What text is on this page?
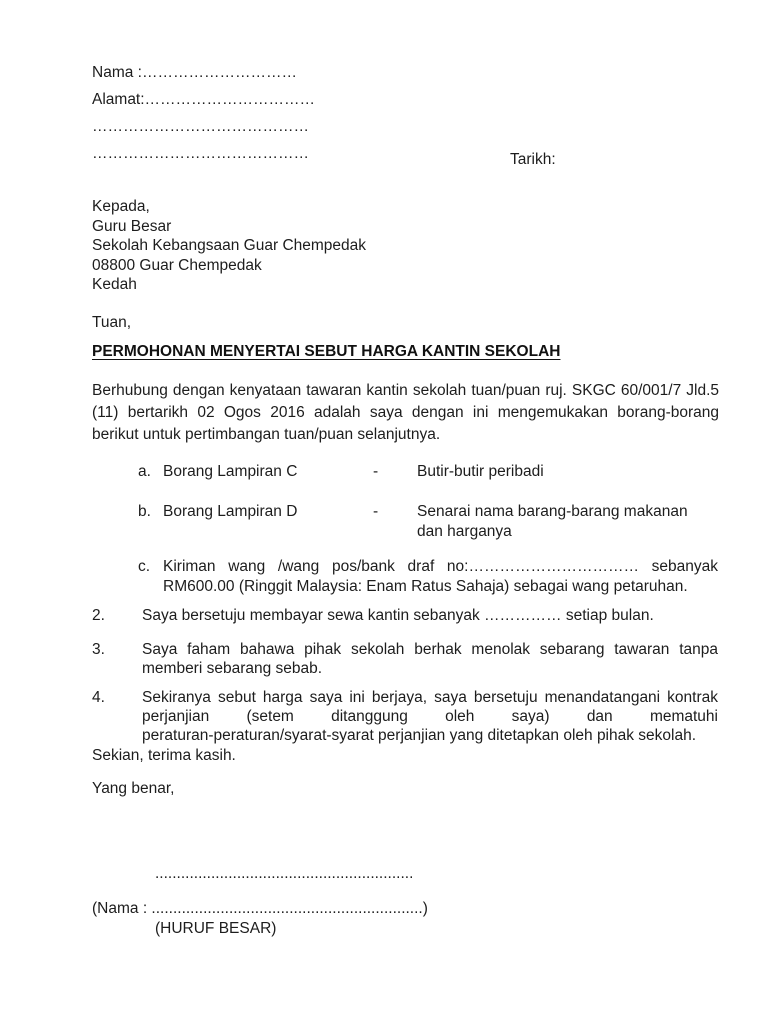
Nama :…………………………
Alamat:……………………………
……………………………………
……………………………………	Tarikh:
Kepada,
Guru Besar
Sekolah Kebangsaan Guar Chempedak
08800 Guar Chempedak
Kedah
Tuan,
PERMOHONAN MENYERTAI SEBUT HARGA KANTIN SEKOLAH
Berhubung dengan kenyataan tawaran kantin sekolah tuan/puan ruj. SKGC 60/001/7 Jld.5
(11) bertarikh 02 Ogos 2016 adalah saya dengan ini mengemukakan borang-borang
berikut untuk pertimbangan tuan/puan selanjutnya.
a. Borang Lampiran C	-	Butir-butir peribadi
b. Borang Lampiran D	-	Senarai nama barang-barang makanan
dan harganya
c. Kiriman wang /wang pos/bank draf no:…………………………… sebanyak
RM600.00 (Ringgit Malaysia: Enam Ratus Sahaja) sebagai wang petaruhan.
2.	Saya bersetuju membayar sewa kantin sebanyak …………… setiap bulan.
3.	Saya faham bahawa pihak sekolah berhak menolak sebarang tawaran tanpa
memberi sebarang sebab.
4.	Sekiranya sebut harga saya ini berjaya, saya bersetuju menandatangani kontrak
perjanjian (setem ditanggung oleh saya) dan mematuhi
peraturan-peraturan/syarat-syarat perjanjian yang ditetapkan oleh pihak sekolah.
Sekian, terima kasih.
Yang benar,
............................................................
(Nama : ...............................................................)
(HURUF BESAR)
